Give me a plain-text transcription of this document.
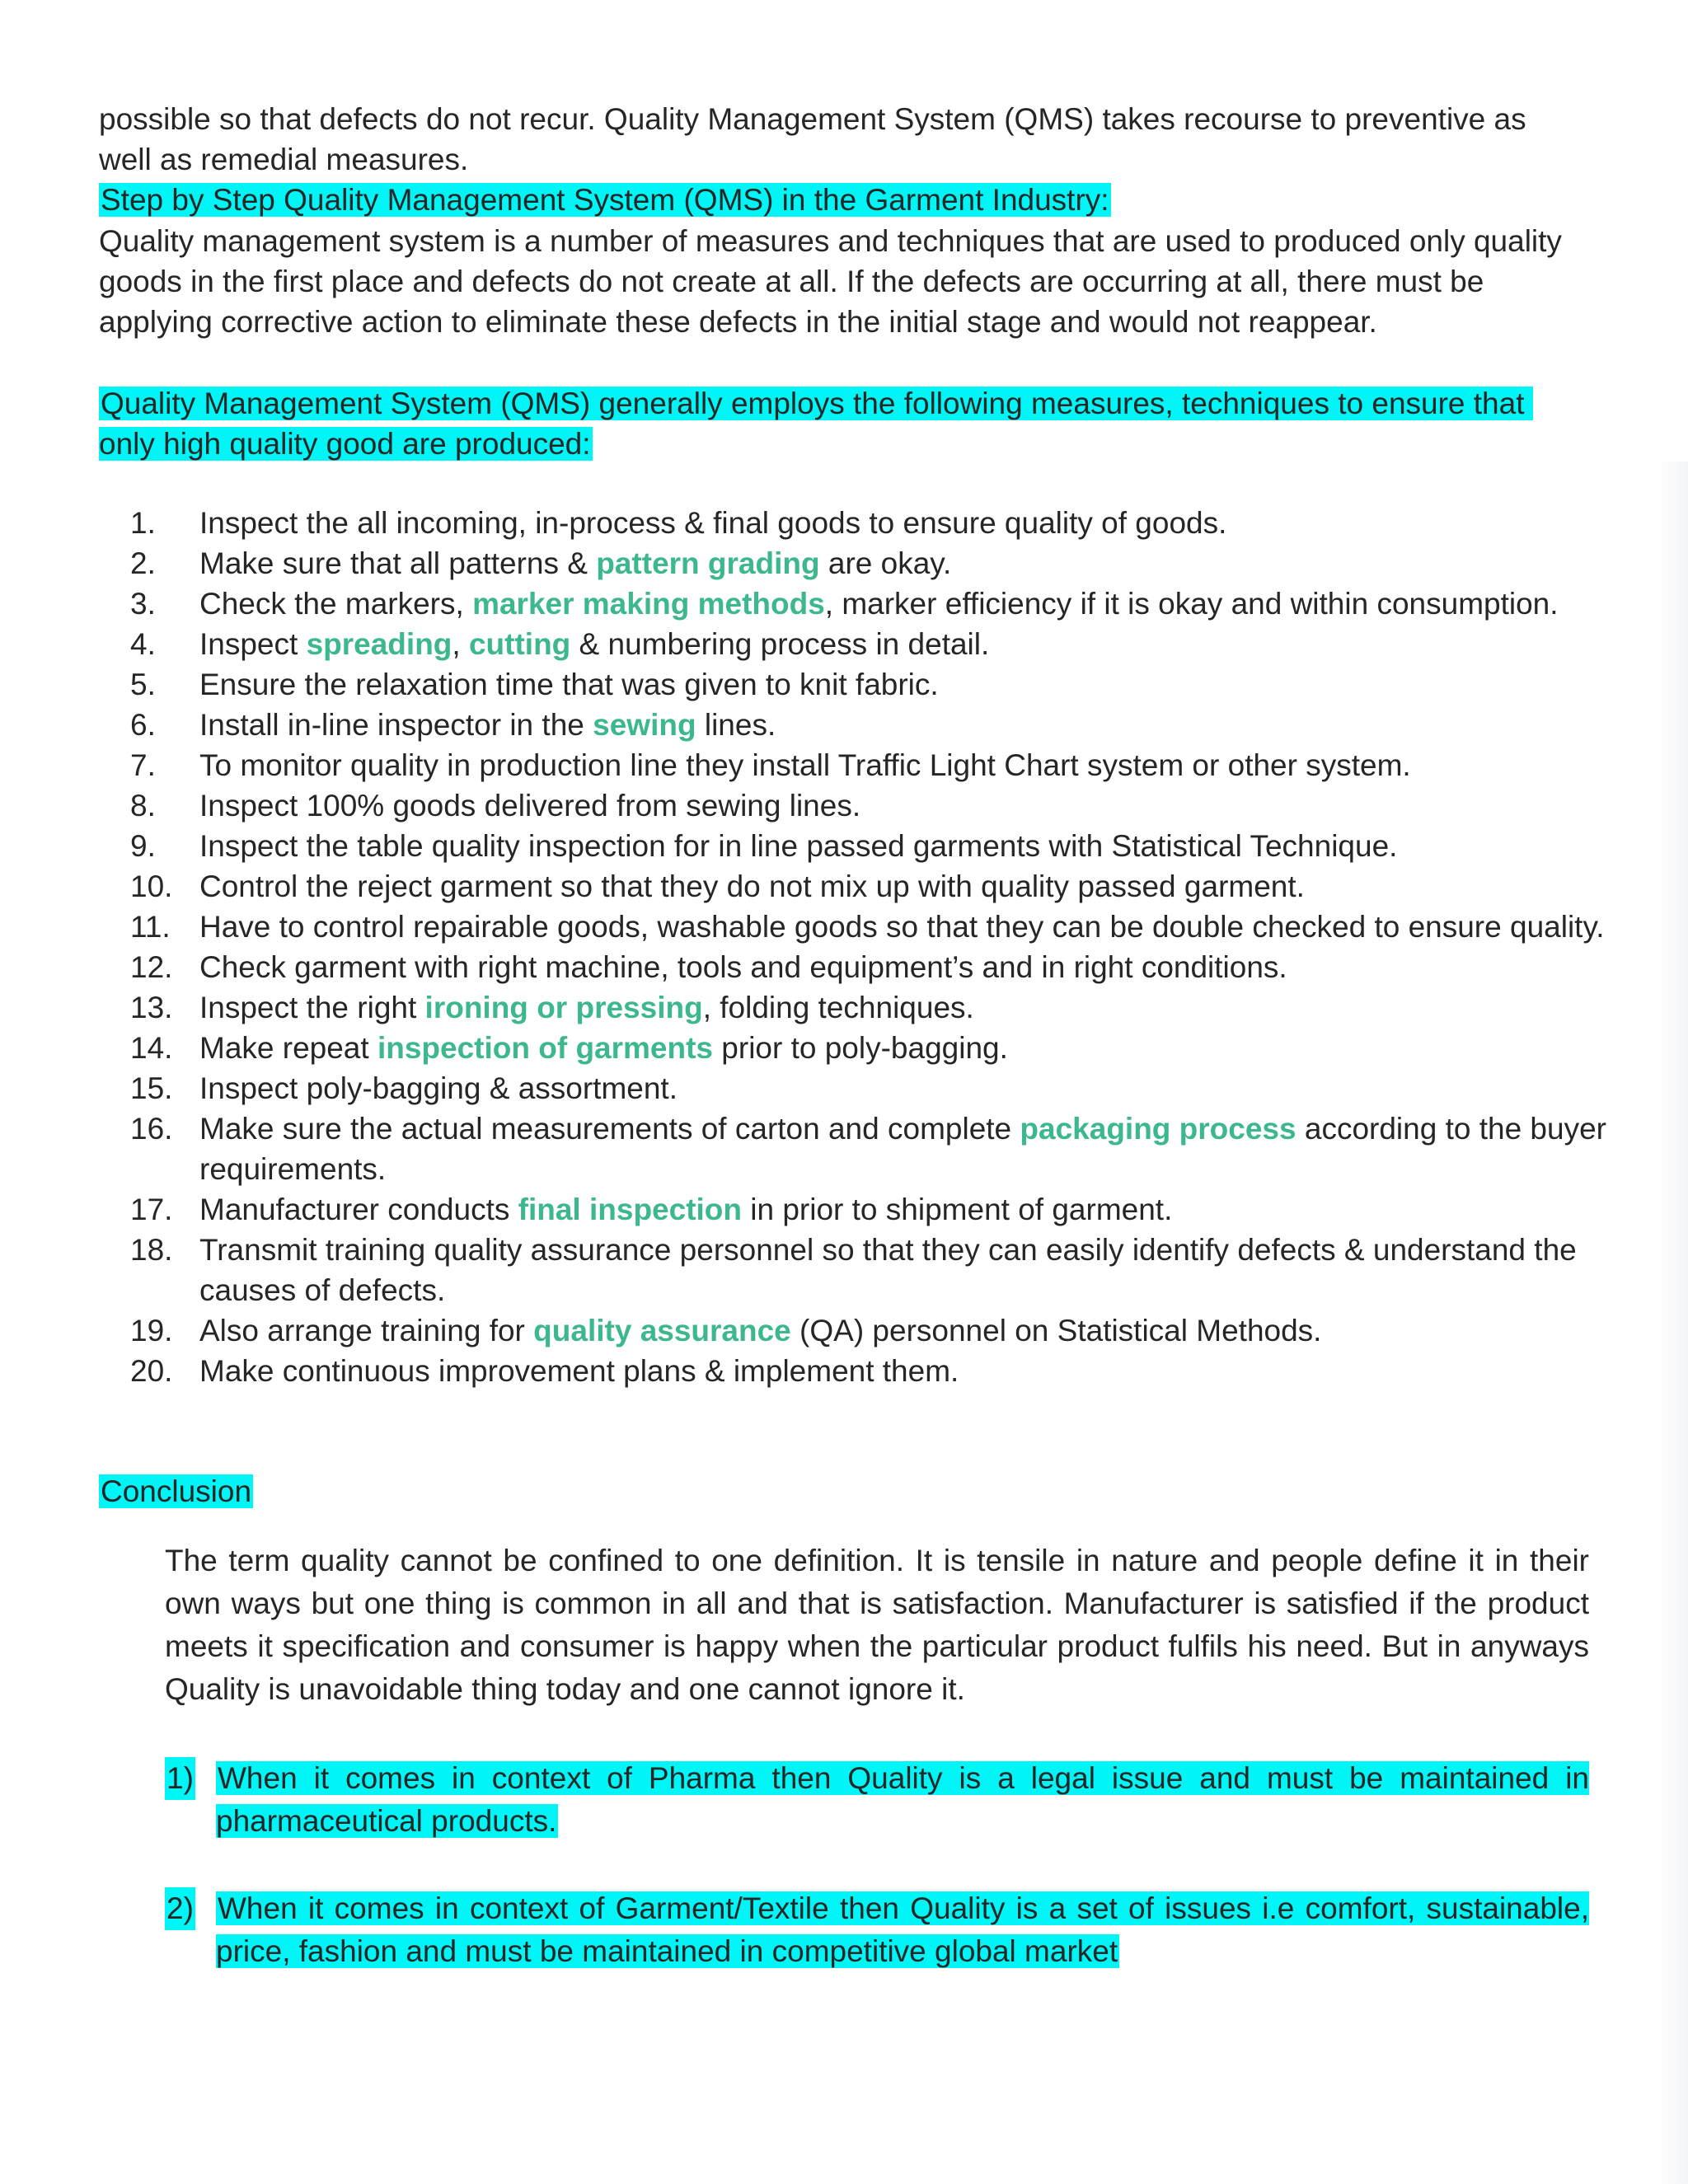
possible so that defects do not recur. Quality Management System (QMS) takes recourse to preventive as well as remedial measures.
Step by Step Quality Management System (QMS) in the Garment Industry:
Quality management system is a number of measures and techniques that are used to produced only quality goods in the first place and defects do not create at all. If the defects are occurring at all, there must be applying corrective action to eliminate these defects in the initial stage and would not reappear.
Quality Management System (QMS) generally employs the following measures, techniques to ensure that only high quality good are produced:
1. Inspect the all incoming, in-process & final goods to ensure quality of goods.
2. Make sure that all patterns & pattern grading are okay.
3. Check the markers, marker making methods, marker efficiency if it is okay and within consumption.
4. Inspect spreading, cutting & numbering process in detail.
5. Ensure the relaxation time that was given to knit fabric.
6. Install in-line inspector in the sewing lines.
7. To monitor quality in production line they install Traffic Light Chart system or other system.
8. Inspect 100% goods delivered from sewing lines.
9. Inspect the table quality inspection for in line passed garments with Statistical Technique.
10. Control the reject garment so that they do not mix up with quality passed garment.
11. Have to control repairable goods, washable goods so that they can be double checked to ensure quality.
12. Check garment with right machine, tools and equipment’s and in right conditions.
13. Inspect the right ironing or pressing, folding techniques.
14. Make repeat inspection of garments prior to poly-bagging.
15. Inspect poly-bagging & assortment.
16. Make sure the actual measurements of carton and complete packaging process according to the buyer requirements.
17. Manufacturer conducts final inspection in prior to shipment of garment.
18. Transmit training quality assurance personnel so that they can easily identify defects & understand the causes of defects.
19. Also arrange training for quality assurance (QA) personnel on Statistical Methods.
20. Make continuous improvement plans & implement them.
Conclusion
The term quality cannot be confined to one definition. It is tensile in nature and people define it in their own ways but one thing is common in all and that is satisfaction. Manufacturer is satisfied if the product meets it specification and consumer is happy when the particular product fulfils his need. But in anyways Quality is unavoidable thing today and one cannot ignore it.
1) When it comes in context of Pharma then Quality is a legal issue and must be maintained in pharmaceutical products.
2) When it comes in context of Garment/Textile then Quality is a set of issues i.e comfort, sustainable, price, fashion and must be maintained in competitive global market
